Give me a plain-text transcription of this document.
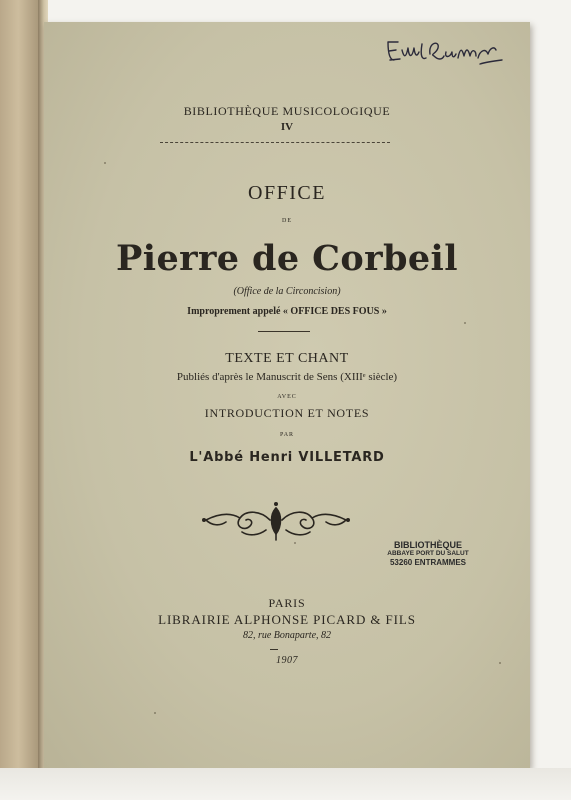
BIBLIOTHÈQUE MUSICOLOGIQUE
IV
OFFICE
DE
Pierre de Corbeil
(Office de la Circoncision)
Improprement appelé « OFFICE DES FOUS »
TEXTE ET CHANT
Publiés d'après le Manuscrit de Sens (XIIIᵉ siècle)
AVEC
INTRODUCTION ET NOTES
PAR
L'Abbé Henri VILLETARD
BIBLIOTHÈQUE
ABBAYE PORT DU SALUT
53260 ENTRAMMES
PARIS
LIBRAIRIE ALPHONSE PICARD & FILS
82, rue Bonaparte, 82
1907
